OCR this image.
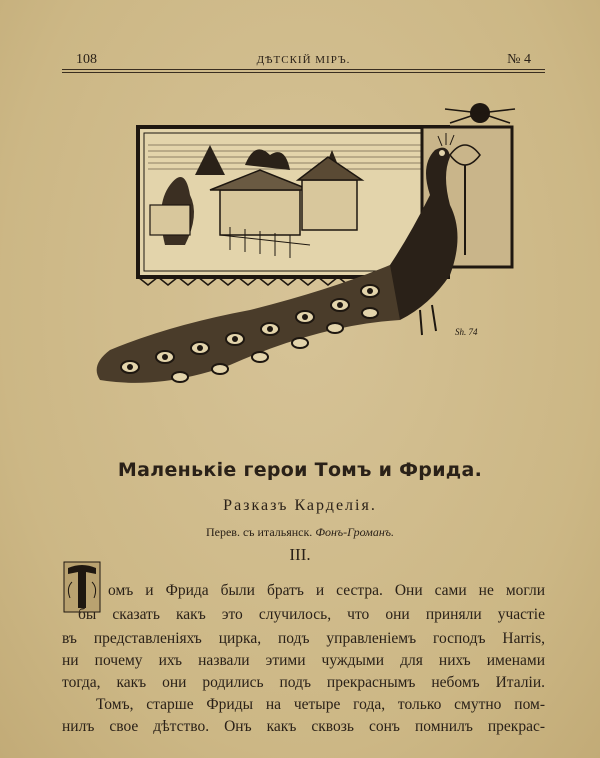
108	ДѢТСКІЙ МІРЪ.	№ 4
Sh. 74
Маленькіе герои Томъ и Фрида.
Разказъ Карделія.
Перев. съ итальянск. Фонъ-Громанъ.
III.
Т
омъ и Фрида были братъ и сестра. Они сами не могли
бы сказать какъ это случилось, что они приняли участіе
въ представленіяхъ цирка, подъ управленіемъ господъ Harris,
ни почему ихъ назвали этими чуждыми для нихъ именами
тогда, какъ они родились подъ прекраснымъ небомъ Италіи.
Томъ, старше Фриды на четыре года, только смутно пом-
нилъ свое дѣтство. Онъ какъ сквозь сонъ помнилъ прекрас-
